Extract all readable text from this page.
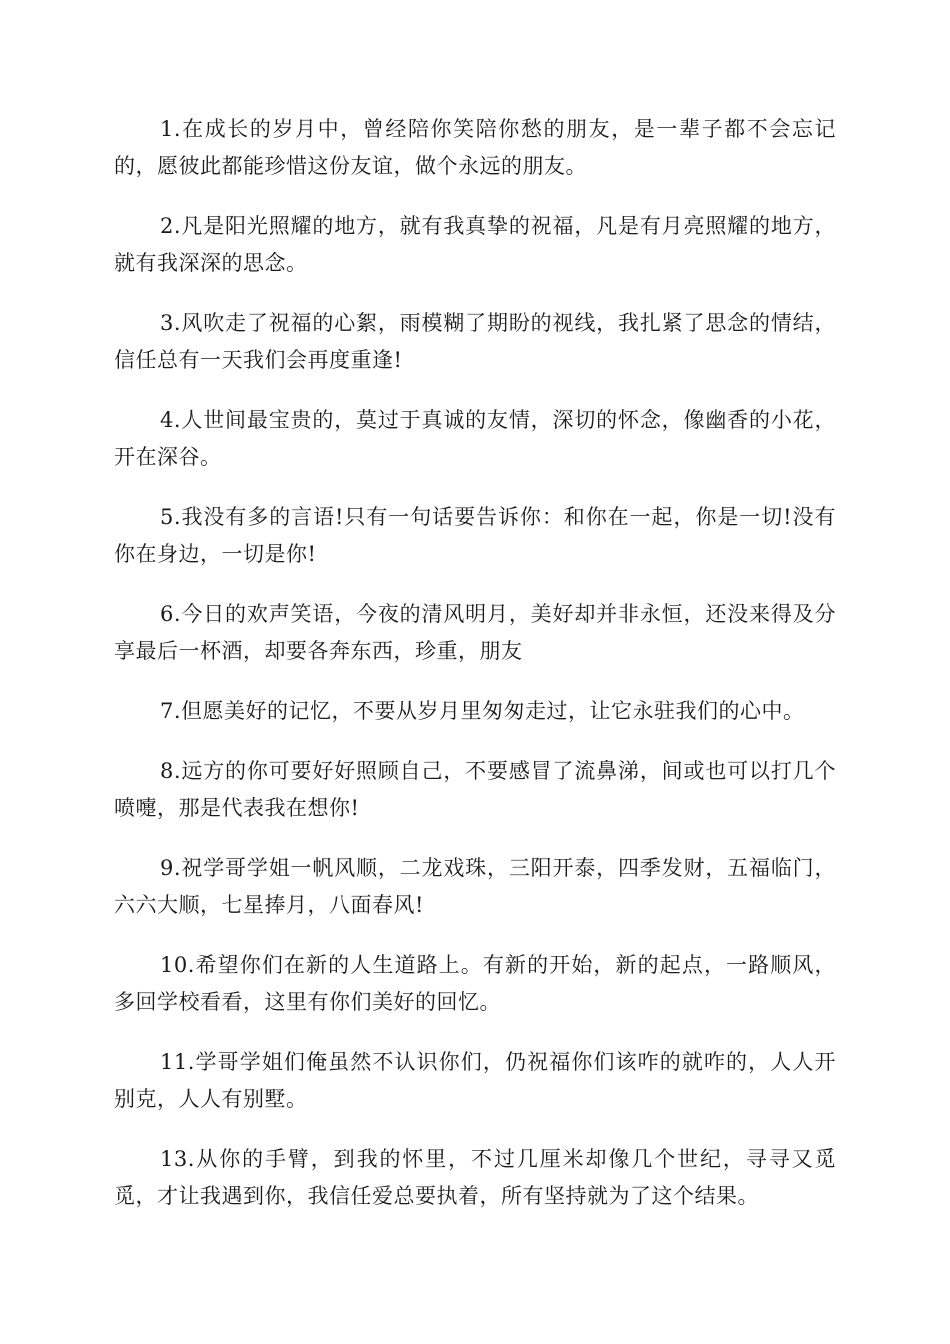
1.在成长的岁月中，曾经陪你笑陪你愁的朋友，是一辈子都不会忘记的，愿彼此都能珍惜这份友谊，做个永远的朋友。

2.凡是阳光照耀的地方，就有我真挚的祝福，凡是有月亮照耀的地方，就有我深深的思念。

3.风吹走了祝福的心絮，雨模糊了期盼的视线，我扎紧了思念的情结，信任总有一天我们会再度重逢!

4.人世间最宝贵的，莫过于真诚的友情，深切的怀念，像幽香的小花，开在深谷。

5.我没有多的言语!只有一句话要告诉你：和你在一起，你是一切!没有你在身边，一切是你!

6.今日的欢声笑语，今夜的清风明月，美好却并非永恒，还没来得及分享最后一杯酒，却要各奔东西，珍重，朋友

7.但愿美好的记忆，不要从岁月里匆匆走过，让它永驻我们的心中。

8.远方的你可要好好照顾自己，不要感冒了流鼻涕，间或也可以打几个喷嚏，那是代表我在想你!

9.祝学哥学姐一帆风顺，二龙戏珠，三阳开泰，四季发财，五福临门，六六大顺，七星捧月，八面春风!

10.希望你们在新的人生道路上。有新的开始，新的起点，一路顺风，多回学校看看，这里有你们美好的回忆。

11.学哥学姐们俺虽然不认识你们，仍祝福你们该咋的就咋的，人人开别克，人人有别墅。

13.从你的手臂，到我的怀里，不过几厘米却像几个世纪，寻寻又觅觅，才让我遇到你，我信任爱总要执着，所有坚持就为了这个结果。
